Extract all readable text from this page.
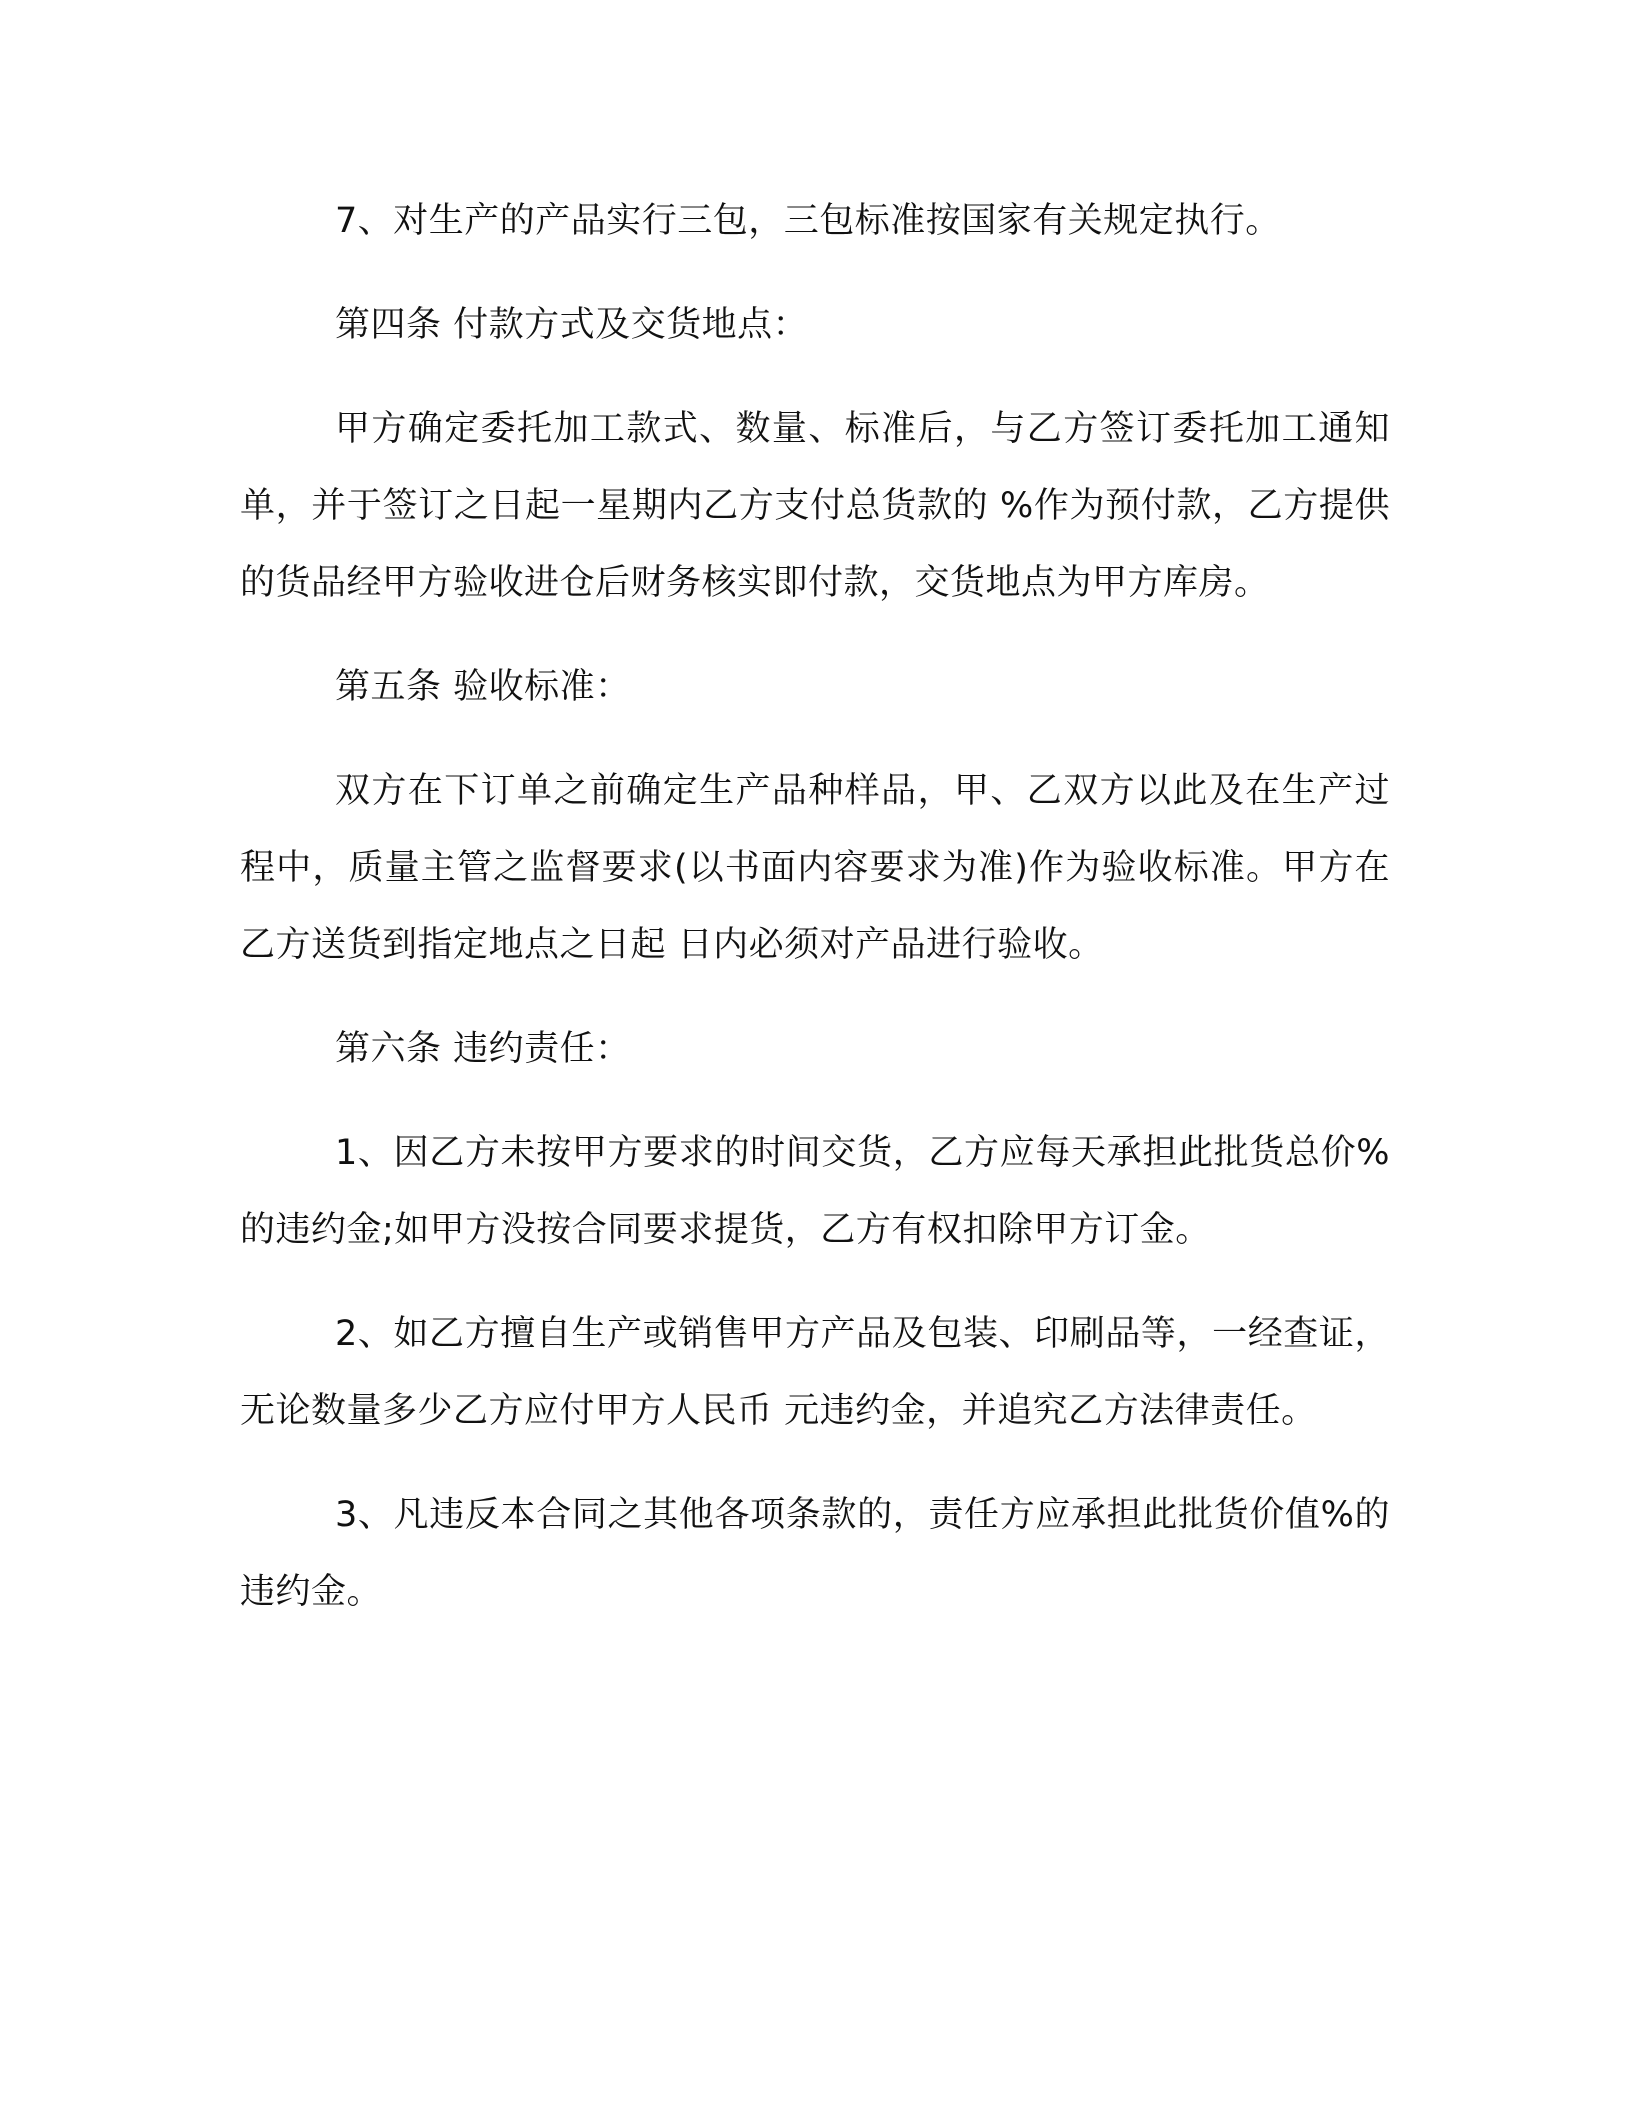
7、对生产的产品实行三包，三包标准按国家有关规定执行。

第四条 付款方式及交货地点：

甲方确定委托加工款式、数量、标准后，与乙方签订委托加工通知单，并于签订之日起一星期内乙方支付总货款的 %作为预付款，乙方提供的货品经甲方验收进仓后财务核实即付款，交货地点为甲方库房。

第五条 验收标准：

双方在下订单之前确定生产品种样品，甲、乙双方以此及在生产过程中，质量主管之监督要求(以书面内容要求为准)作为验收标准。甲方在乙方送货到指定地点之日起 日内必须对产品进行验收。

第六条 违约责任：

1、因乙方未按甲方要求的时间交货，乙方应每天承担此批货总价%的违约金;如甲方没按合同要求提货，乙方有权扣除甲方订金。

2、如乙方擅自生产或销售甲方产品及包装、印刷品等，一经查证，无论数量多少乙方应付甲方人民币 元违约金，并追究乙方法律责任。

3、凡违反本合同之其他各项条款的，责任方应承担此批货价值%的违约金。
